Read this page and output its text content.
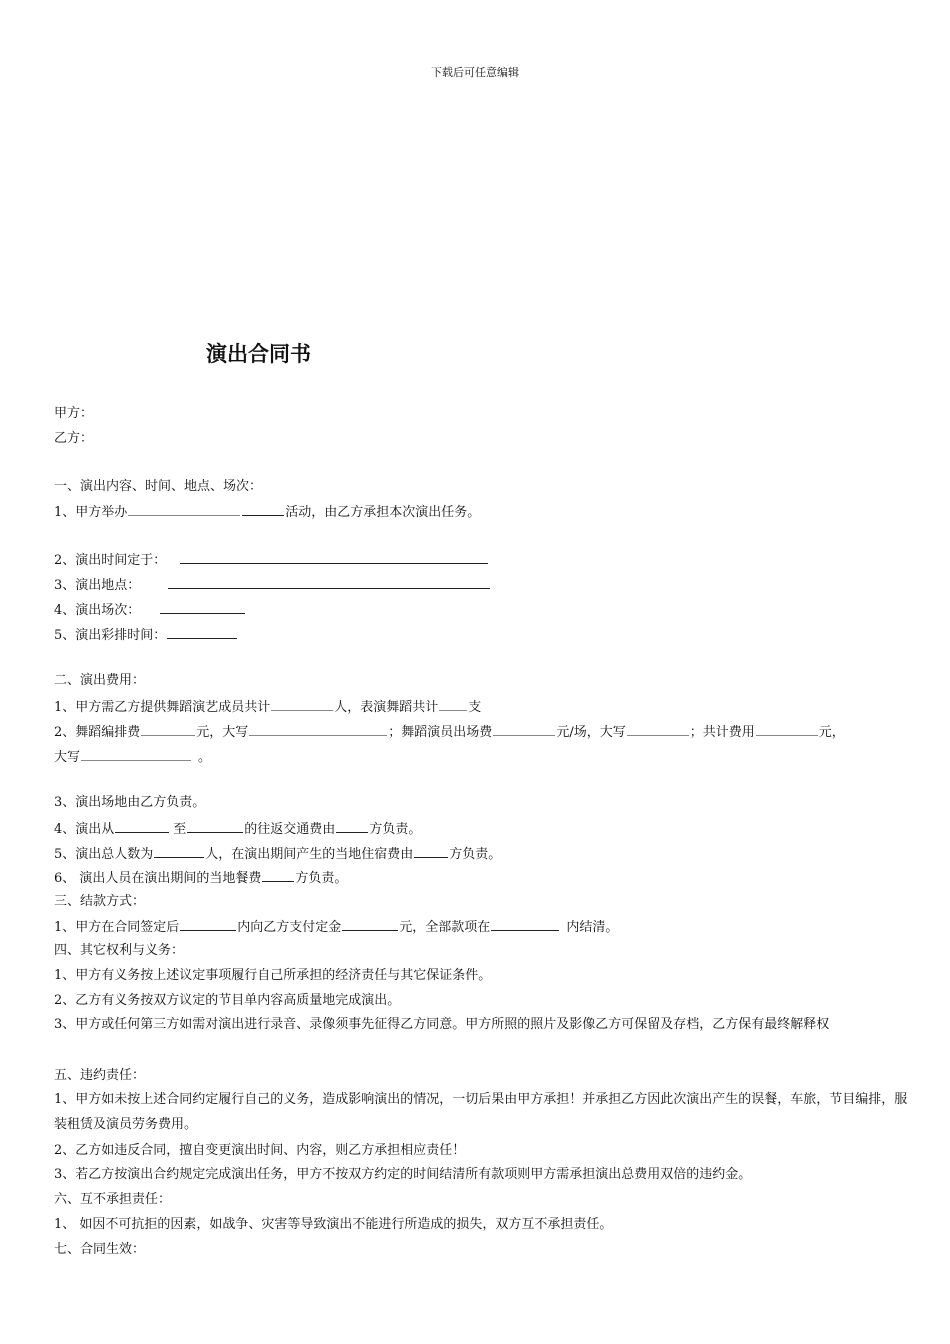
下载后可任意编辑
演出合同书
甲方：
乙方：
一、演出内容、时间、地点、场次：
1、甲方举办	活动，由乙方承担本次演出任务。
2、演出时间定于：
3、演出地点：
4、演出场次：
5、演出彩排时间：
二、演出费用：
1、甲方需乙方提供舞蹈演艺成员共计	人，表演舞蹈共计 支
2、舞蹈编排费	元，大写	；舞蹈演员出场费	元/场，大写	；共计费用	元，
大写	。
3、演出场地由乙方负责。
4、演出从	至	的往返交通费由	方负责。
5、演出总人数为	人，在演出期间产生的当地住宿费由	方负责。
6、 演出人员在演出期间的当地餐费	方负责。
三、结款方式：
1、甲方在合同签定后	内向乙方支付定金	元，全部款项在	内结清。
四、其它权利与义务：
1、甲方有义务按上述议定事项履行自己所承担的经济责任与其它保证条件。
2、乙方有义务按双方议定的节目单内容高质量地完成演出。
3、甲方或任何第三方如需对演出进行录音、录像须事先征得乙方同意。甲方所照的照片及影像乙方可保留及存档，乙方保有最终解释权
五、违约责任：
1、甲方如未按上述合同约定履行自己的义务，造成影响演出的情况，一切后果由甲方承担！并承担乙方因此次演出产生的误餐，车旅，节目编排，服装租赁及演员劳务费用。
2、乙方如违反合同，擅自变更演出时间、内容，则乙方承担相应责任！
3、若乙方按演出合约规定完成演出任务，甲方不按双方约定的时间结清所有款项则甲方需承担演出总费用双倍的违约金。
六、互不承担责任：
1、 如因不可抗拒的因素，如战争、灾害等导致演出不能进行所造成的损失，双方互不承担责任。
七、合同生效：
